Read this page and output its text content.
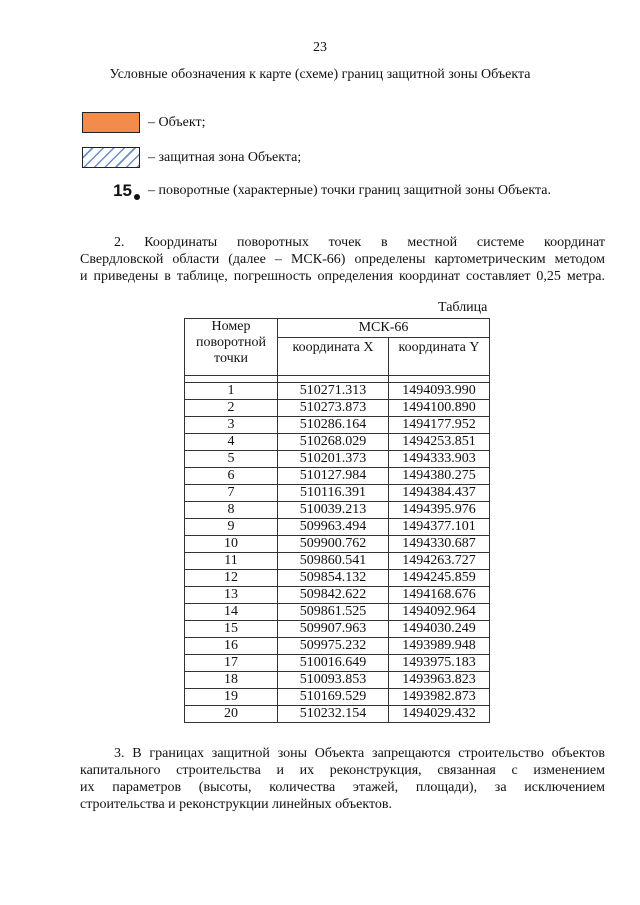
23
Условные обозначения к карте (схеме) границ защитной зоны Объекта
– Объект;
– защитная зона Объекта;
15 – поворотные (характерные) точки границ защитной зоны Объекта.
2. Координаты поворотных точек в местной системе координат
Свердловской области (далее – МСК-66) определены картометрическим методом
и приведены в таблице, погрешность определения координат составляет 0,25 метра.
Таблица
Номер поворотной точки	МСК-66	
	координата X	координата Y

1	510271.313	1494093.990
2	510273.873	1494100.890
3	510286.164	1494177.952
4	510268.029	1494253.851
5	510201.373	1494333.903
6	510127.984	1494380.275
7	510116.391	1494384.437
8	510039.213	1494395.976
9	509963.494	1494377.101
10	509900.762	1494330.687
11	509860.541	1494263.727
12	509854.132	1494245.859
13	509842.622	1494168.676
14	509861.525	1494092.964
15	509907.963	1494030.249
16	509975.232	1493989.948
17	510016.649	1493975.183
18	510093.853	1493963.823
19	510169.529	1493982.873
20	510232.154	1494029.432
3. В границах защитной зоны Объекта запрещаются строительство объектов
капитального строительства и их реконструкция, связанная с изменением
их параметров (высоты, количества этажей, площади), за исключением
строительства и реконструкции линейных объектов.
